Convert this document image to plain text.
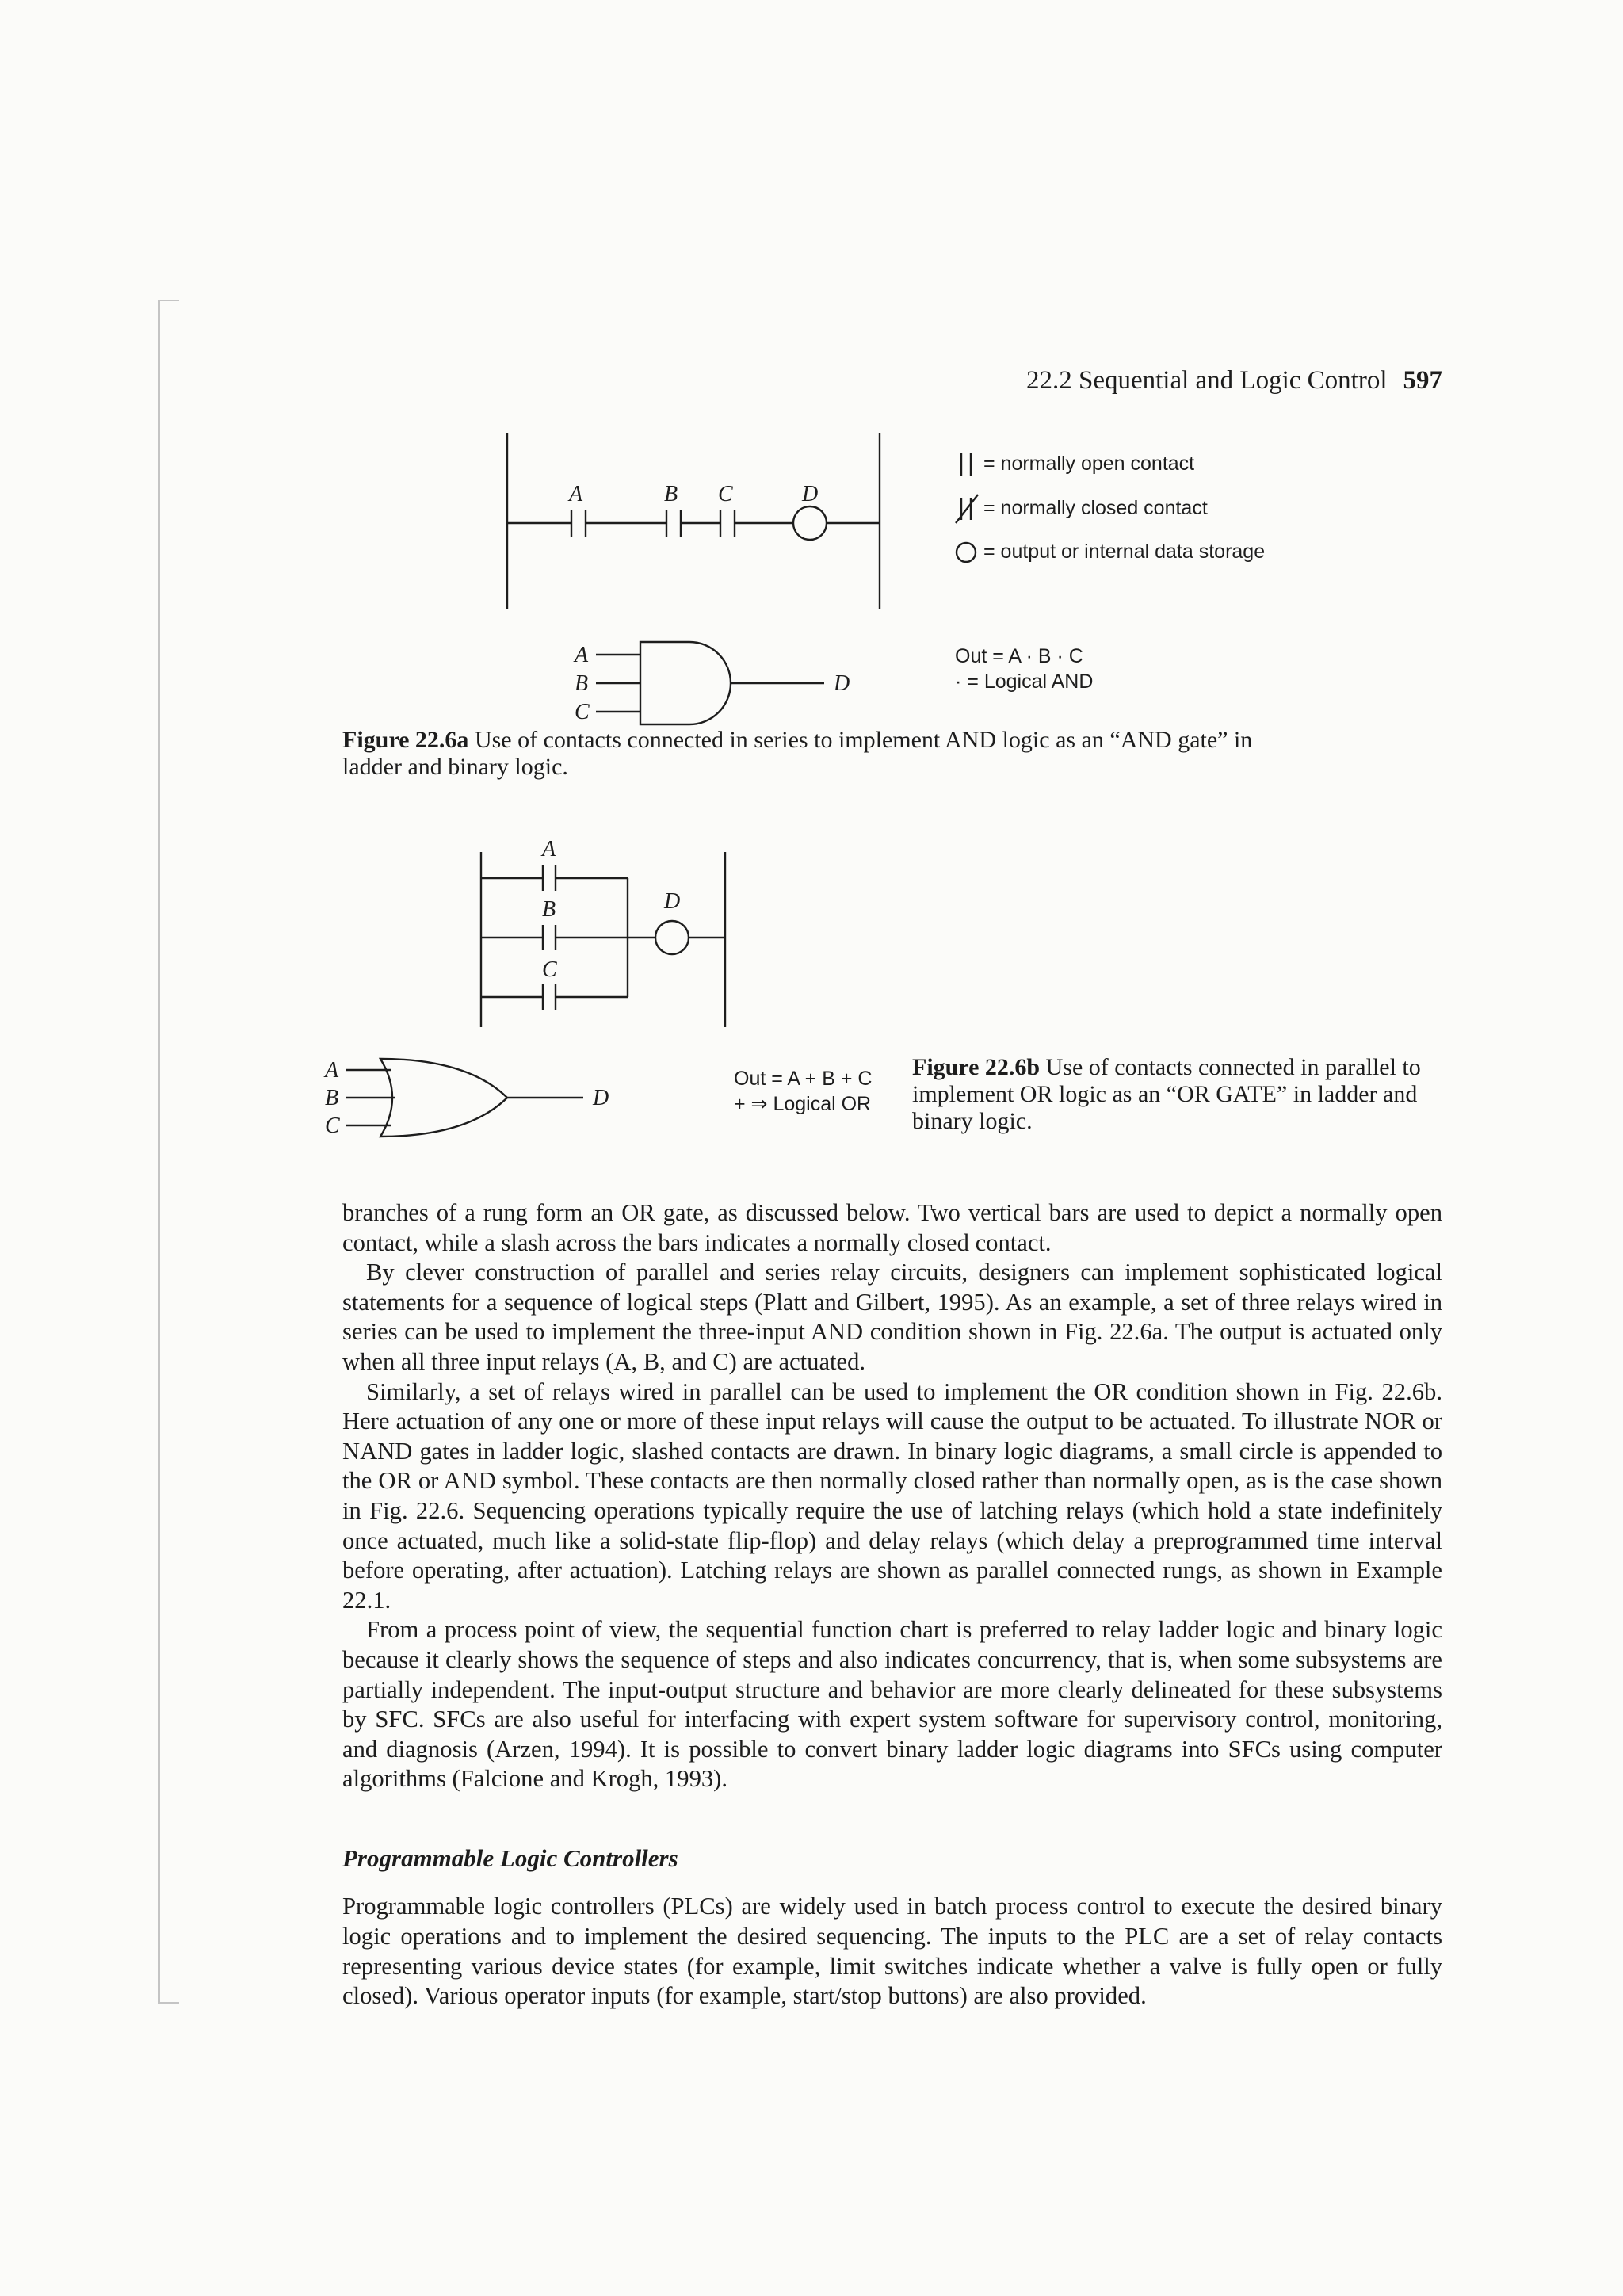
22.2 Sequential and Logic Control 597
A	B C	D
A
B
C
D
= normally open contact
= normally closed contact
= output or internal data storage
Out = A · B · C
· = Logical AND
Figure 22.6a Use of contacts connected in series to implement AND logic as an “AND gate” in ladder and binary logic.
A
B
C
D
A
B
C
D
Out = A + B + C
+ ⇒ Logical OR
Figure 22.6b Use of contacts connected in parallel to implement OR logic as an “OR GATE” in ladder and binary logic.

branches of a rung form an OR gate, as discussed below. Two vertical bars are used to depict a normally open contact, while a slash across the bars indicates a normally closed contact.

By clever construction of parallel and series relay circuits, designers can implement sophisticated logical statements for a sequence of logical steps (Platt and Gilbert, 1995). As an example, a set of three relays wired in series can be used to implement the three-input AND condition shown in Fig. 22.6a. The output is actuated only when all three input relays (A, B, and C) are actuated.

Similarly, a set of relays wired in parallel can be used to implement the OR condition shown in Fig. 22.6b. Here actuation of any one or more of these input relays will cause the output to be actuated. To illustrate NOR or NAND gates in ladder logic, slashed contacts are drawn. In binary logic diagrams, a small circle is appended to the OR or AND symbol. These contacts are then normally closed rather than normally open, as is the case shown in Fig. 22.6. Sequencing operations typically require the use of latching relays (which hold a state indefinitely once actuated, much like a solid-state flip-flop) and delay relays (which delay a preprogrammed time interval before operating, after actuation). Latching relays are shown as parallel connected rungs, as shown in Example 22.1.

From a process point of view, the sequential function chart is preferred to relay ladder logic and binary logic because it clearly shows the sequence of steps and also indicates concurrency, that is, when some subsystems are partially independent. The input-output structure and behavior are more clearly delineated for these subsystems by SFC. SFCs are also useful for interfacing with expert system software for supervisory control, monitoring, and diagnosis (Arzen, 1994). It is possible to convert binary ladder logic diagrams into SFCs using computer algorithms (Falcione and Krogh, 1993).

Programmable Logic Controllers

Programmable logic controllers (PLCs) are widely used in batch process control to execute the desired binary logic operations and to implement the desired sequencing. The inputs to the PLC are a set of relay contacts representing various device states (for example, limit switches indicate whether a valve is fully open or fully closed). Various operator inputs (for example, start/stop buttons) are also provided.
